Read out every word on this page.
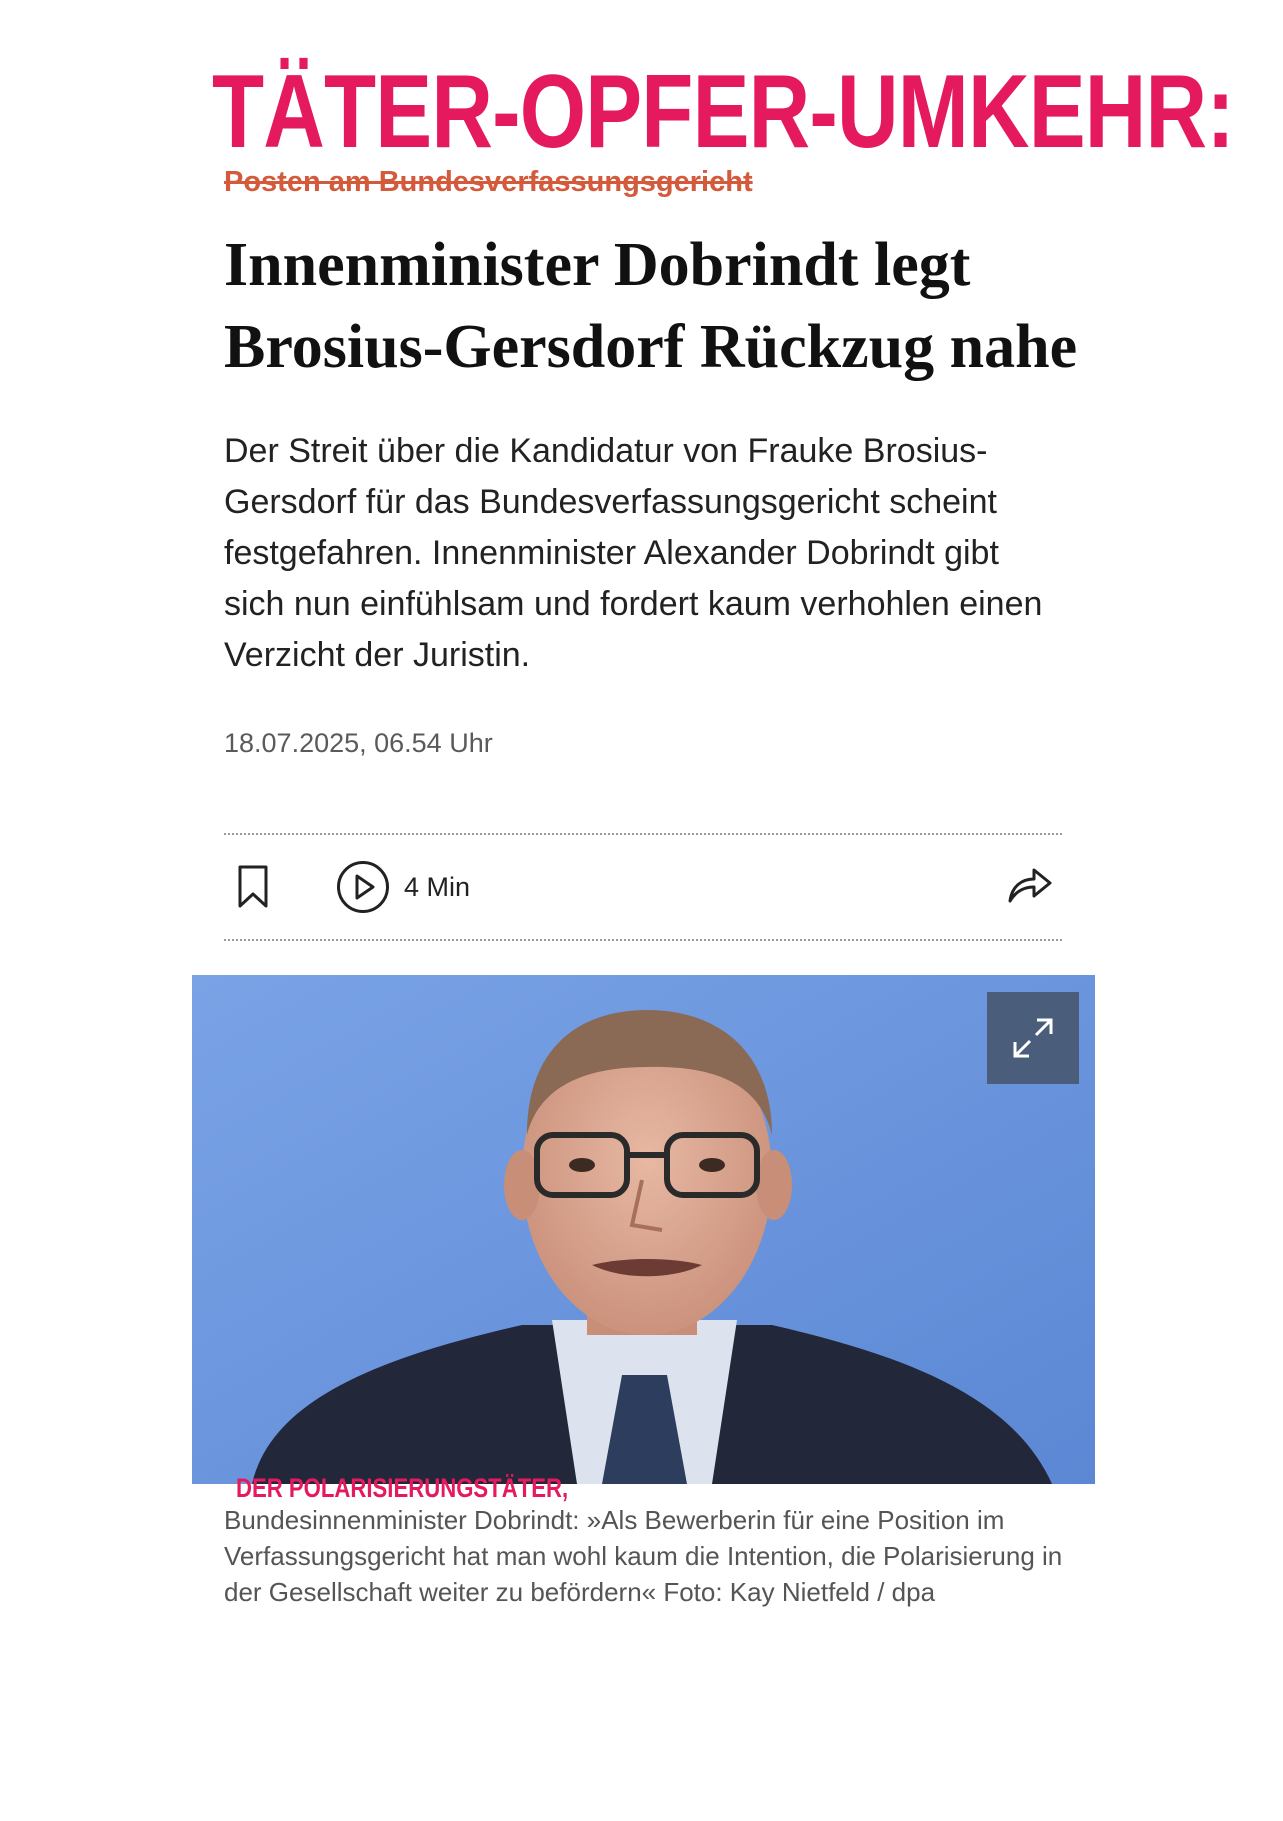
TÄTER-OPFER-UMKEHR:
Posten am Bundesverfassungsgericht
Innenminister Dobrindt legt
Brosius-Gersdorf Rückzug nahe

Der Streit über die Kandidatur von Frauke Brosius-Gersdorf für das Bundesverfassungsgericht scheint festgefahren. Innenminister Alexander Dobrindt gibt sich nun einfühlsam und fordert kaum verhohlen einen Verzicht der Juristin.

18.07.2025, 06.54 Uhr
4 Min
DER POLARISIERUNGSTÄTER,

Bundesinnenminister Dobrindt: »Als Bewerberin für eine Position im Verfassungsgericht hat man wohl kaum die Intention, die Polarisierung in der Gesellschaft weiter zu befördern« Foto: Kay Nietfeld / dpa
